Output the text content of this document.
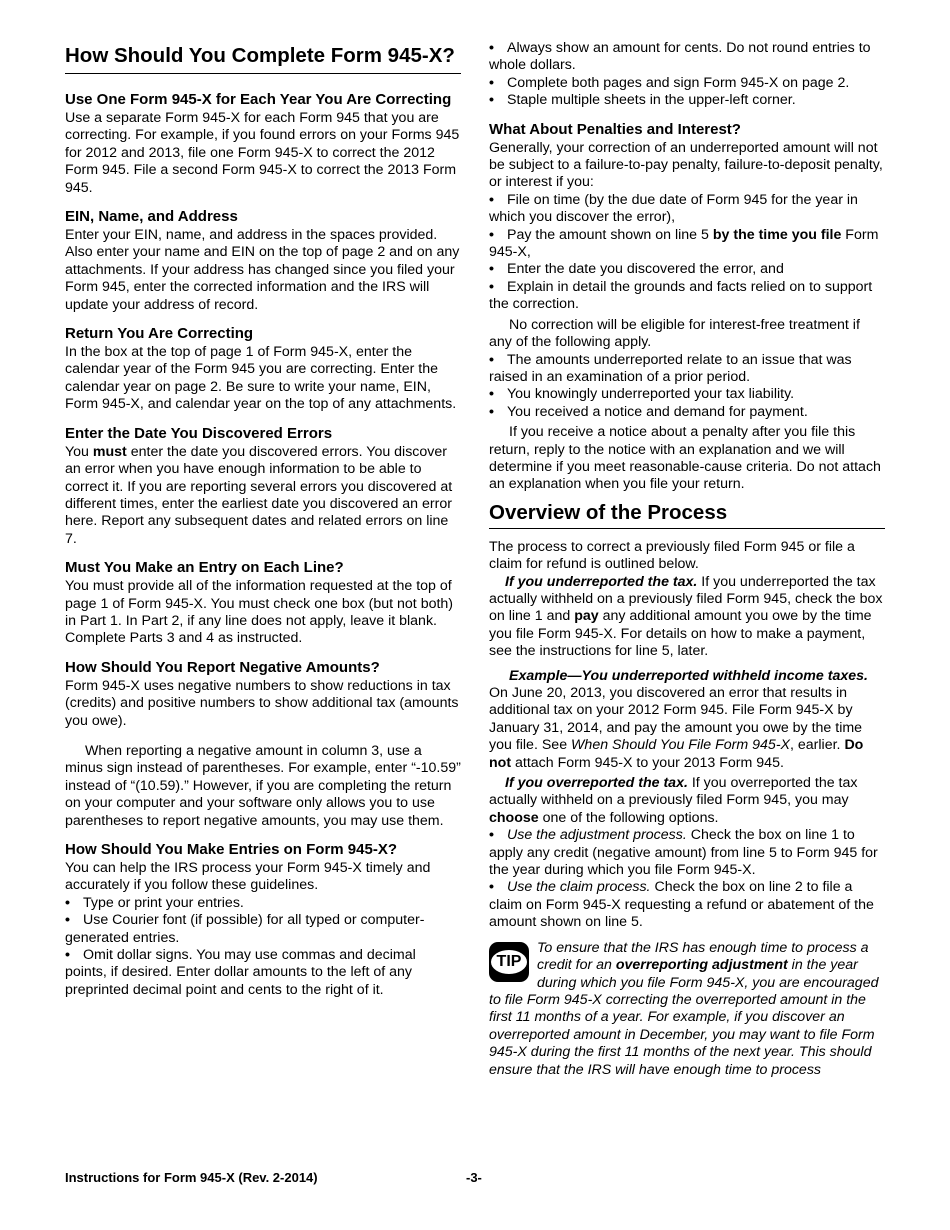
How Should You Complete Form 945-X?
Use One Form 945-X for Each Year You Are Correcting

Use a separate Form 945-X for each Form 945 that you are correcting. For example, if you found errors on your Forms 945 for 2012 and 2013, file one Form 945-X to correct the 2012 Form 945. File a second Form 945-X to correct the 2013 Form 945.

EIN, Name, and Address

Enter your EIN, name, and address in the spaces provided. Also enter your name and EIN on the top of page 2 and on any attachments. If your address has changed since you filed your Form 945, enter the corrected information and the IRS will update your address of record.

Return You Are Correcting

In the box at the top of page 1 of Form 945-X, enter the calendar year of the Form 945 you are correcting. Enter the calendar year on page 2. Be sure to write your name, EIN, Form 945-X, and calendar year on the top of any attachments.

Enter the Date You Discovered Errors

You must enter the date you discovered errors. You discover an error when you have enough information to be able to correct it. If you are reporting several errors you discovered at different times, enter the earliest date you discovered an error here. Report any subsequent dates and related errors on line 7.

Must You Make an Entry on Each Line?

You must provide all of the information requested at the top of page 1 of Form 945-X. You must check one box (but not both) in Part 1. In Part 2, if any line does not apply, leave it blank. Complete Parts 3 and 4 as instructed.

How Should You Report Negative Amounts?

Form 945-X uses negative numbers to show reductions in tax (credits) and positive numbers to show additional tax (amounts you owe).

When reporting a negative amount in column 3, use a minus sign instead of parentheses. For example, enter “-10.59” instead of “(10.59).” However, if you are completing the return on your computer and your software only allows you to use parentheses to report negative amounts, you may use them.

How Should You Make Entries on Form 945-X?

You can help the IRS process your Form 945-X timely and accurately if you follow these guidelines.

• Type or print your entries.

• Use Courier font (if possible) for all typed or computer-generated entries.

• Omit dollar signs. You may use commas and decimal points, if desired. Enter dollar amounts to the left of any preprinted decimal point and cents to the right of it.

• Always show an amount for cents. Do not round entries to whole dollars.

• Complete both pages and sign Form 945-X on page 2.

• Staple multiple sheets in the upper-left corner.

What About Penalties and Interest?

Generally, your correction of an underreported amount will not be subject to a failure-to-pay penalty, failure-to-deposit penalty, or interest if you:

• File on time (by the due date of Form 945 for the year in which you discover the error),

• Pay the amount shown on line 5 by the time you file Form 945-X,

• Enter the date you discovered the error, and

• Explain in detail the grounds and facts relied on to support the correction.

No correction will be eligible for interest-free treatment if any of the following apply.

• The amounts underreported relate to an issue that was raised in an examination of a prior period.

• You knowingly underreported your tax liability.

• You received a notice and demand for payment.

If you receive a notice about a penalty after you file this return, reply to the notice with an explanation and we will determine if you meet reasonable-cause criteria. Do not attach an explanation when you file your return.

Overview of the Process

The process to correct a previously filed Form 945 or file a claim for refund is outlined below.

If you underreported the tax. If you underreported the tax actually withheld on a previously filed Form 945, check the box on line 1 and pay any additional amount you owe by the time you file Form 945-X. For details on how to make a payment, see the instructions for line 5, later.

Example—You underreported withheld income taxes. On June 20, 2013, you discovered an error that results in additional tax on your 2012 Form 945. File Form 945-X by January 31, 2014, and pay the amount you owe by the time you file. See When Should You File Form 945-X, earlier. Do not attach Form 945-X to your 2013 Form 945.

If you overreported the tax. If you overreported the tax actually withheld on a previously filed Form 945, you may choose one of the following options.

• Use the adjustment process. Check the box on line 1 to apply any credit (negative amount) from line 5 to Form 945 for the year during which you file Form 945-X.

• Use the claim process. Check the box on line 2 to file a claim on Form 945-X requesting a refund or abatement of the amount shown on line 5.

TIP

To ensure that the IRS has enough time to process a credit for an overreporting adjustment in the year during which you file Form 945-X, you are encouraged to file Form 945-X correcting the overreported amount in the first 11 months of a year. For example, if you discover an overreported amount in December, you may want to file Form 945-X during the first 11 months of the next year. This should ensure that the IRS will have enough time to process

Instructions for Form 945-X (Rev. 2-2014)	-3-
